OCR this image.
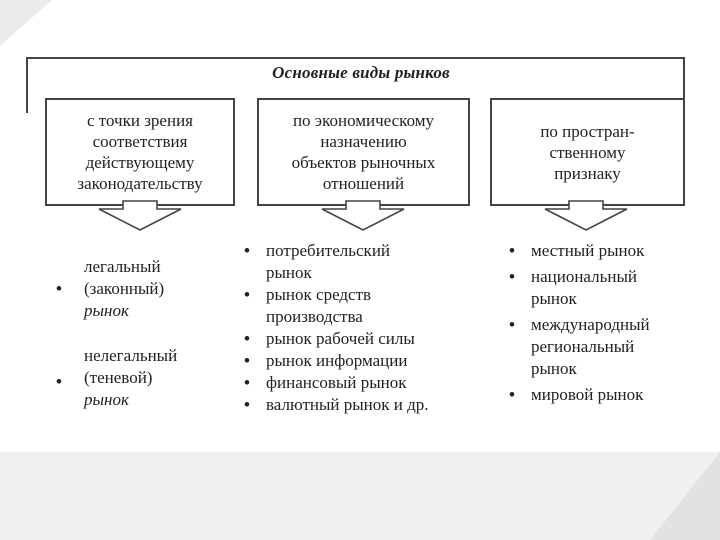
Основные виды рынков
с точки зрения
соответствия
действующему
законодательству
по экономическому
назначению
объектов рыночных
отношений
по простран-
ственному
признаку
•
легальный
(законный)
рынок
•
нелегальный
(теневой)
рынок
• потребительский
рынок
• рынок средств
производства
• рынок рабочей силы
• рынок информации
• финансовый рынок
• валютный рынок и др.
• местный рынок
• национальный
рынок
• международный
региональный
рынок
• мировой рынок
